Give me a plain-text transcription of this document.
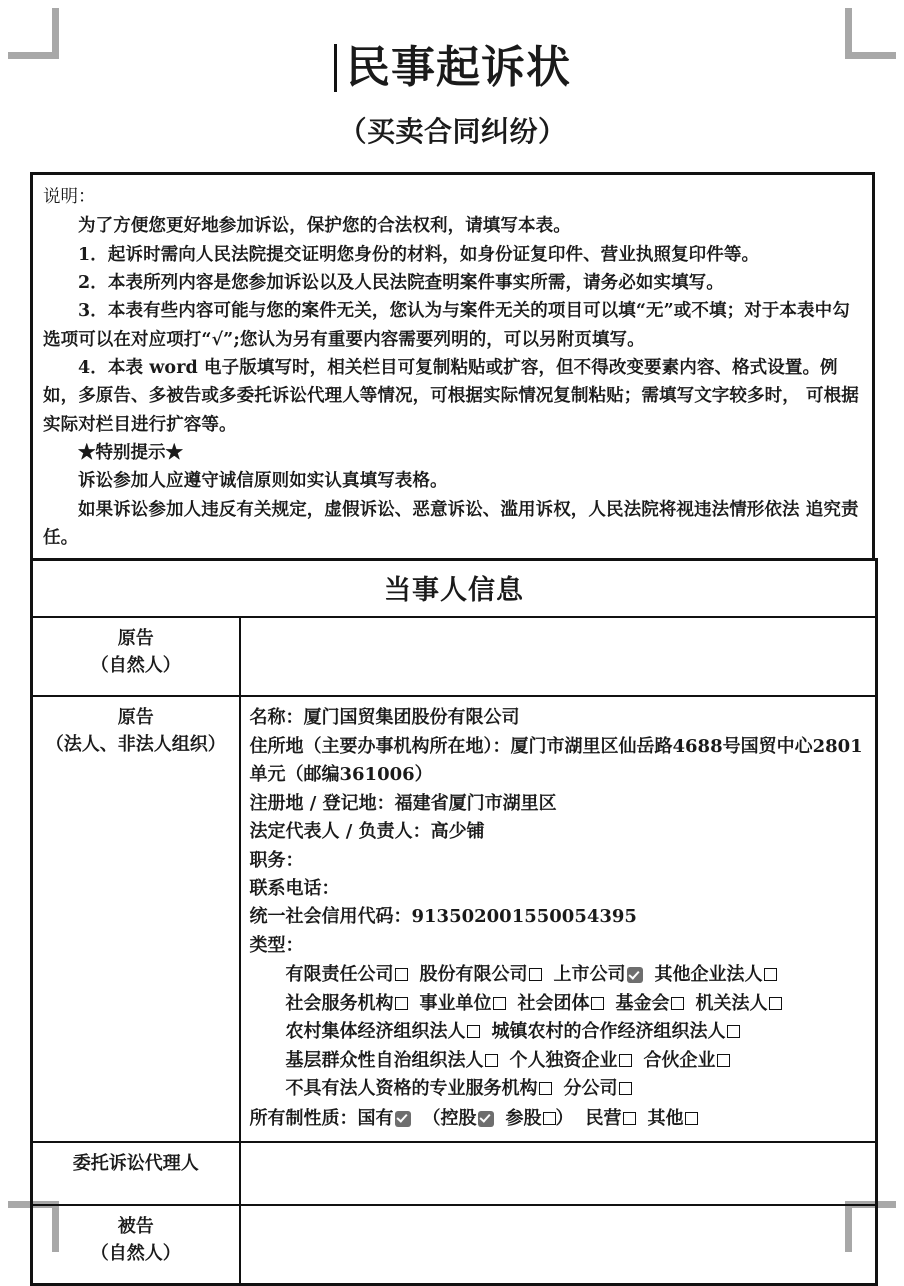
民事起诉状
（买卖合同纠纷）

说明：

为了方便您更好地参加诉讼，保护您的合法权利，请填写本表。

1．起诉时需向人民法院提交证明您身份的材料，如身份证复印件、营业执照复印件等。

2．本表所列内容是您参加诉讼以及人民法院查明案件事实所需，请务必如实填写。

3．本表有些内容可能与您的案件无关，您认为与案件无关的项目可以填“无”或不填；对于本表中勾选项可以在对应项打“√”;您认为另有重要内容需要列明的，可以另附页填写。

4．本表 word 电子版填写时，相关栏目可复制粘贴或扩容，但不得改变要素内容、格式设置。例如，多原告、多被告或多委托诉讼代理人等情况，可根据实际情况复制粘贴；需填写文字较多时， 可根据实际对栏目进行扩容等。

★特别提示★

诉讼参加人应遵守诚信原则如实认真填写表格。

如果诉讼参加人违反有关规定，虚假诉讼、恶意诉讼、滥用诉权，人民法院将视违法情形依法 追究责任。

当事人信息	

原告
（自然人）	

原告
（法人、非法人组织）

名称：厦门国贸集团股份有限公司
住所地（主要办事机构所在地）：厦门市湖里区仙岳路4688号国贸中心2801单元（邮编361006）
注册地 / 登记地：福建省厦门市湖里区
法定代表人 / 负责人：高少铺
职务：
联系电话：
统一社会信用代码：913502001550054395
类型：
有限责任公司 股份有限公司 上市公司 其他企业法人
社会服务机构 事业单位 社会团体 基金会 机关法人
农村集体经济组织法人 城镇农村的合作经济组织法人
基层群众性自治组织法人 个人独资企业 合伙企业
不具有法人资格的专业服务机构 分公司
所有制性质：国有 （控股 参股 ） 民营 其他

委托诉讼代理人	

被告
（自然人）	
